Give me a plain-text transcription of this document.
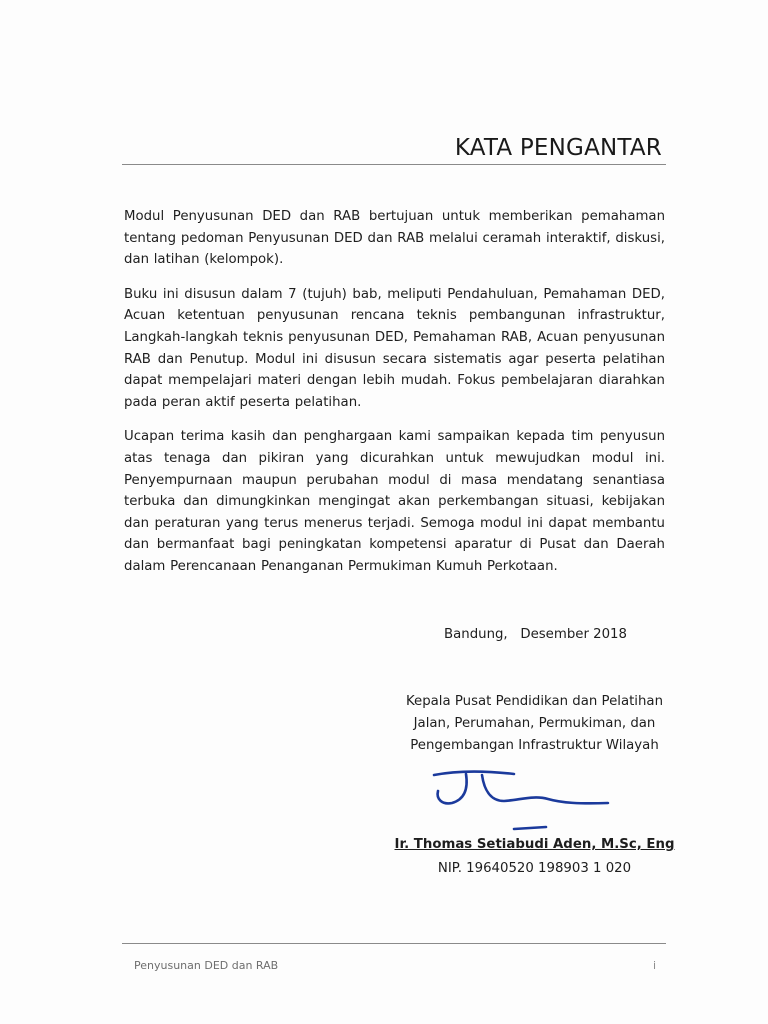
KATA PENGANTAR

Modul Penyusunan DED dan RAB bertujuan untuk memberikan pemahaman tentang pedoman Penyusunan DED dan RAB melalui ceramah interaktif, diskusi, dan latihan (kelompok).

Buku ini disusun dalam 7 (tujuh) bab, meliputi Pendahuluan, Pemahaman DED, Acuan ketentuan penyusunan rencana teknis pembangunan infrastruktur, Langkah-langkah teknis penyusunan DED, Pemahaman RAB, Acuan penyusunan RAB dan Penutup. Modul ini disusun secara sistematis agar peserta pelatihan dapat mempelajari materi dengan lebih mudah. Fokus pembelajaran diarahkan pada peran aktif peserta pelatihan.

Ucapan terima kasih dan penghargaan kami sampaikan kepada tim penyusun atas tenaga dan pikiran yang dicurahkan untuk mewujudkan modul ini. Penyempurnaan maupun perubahan modul di masa mendatang senantiasa terbuka dan dimungkinkan mengingat akan perkembangan situasi, kebijakan dan peraturan yang terus menerus terjadi. Semoga modul ini dapat membantu dan bermanfaat bagi peningkatan kompetensi aparatur di Pusat dan Daerah dalam Perencanaan Penanganan Permukiman Kumuh Perkotaan.

Bandung,   Desember 2018
Kepala Pusat Pendidikan dan Pelatihan
Jalan, Perumahan, Permukiman, dan
Pengembangan Infrastruktur Wilayah
Ir. Thomas Setiabudi Aden, M.Sc, Eng
NIP. 19640520 198903 1 020
Penyusunan DED dan RAB	i
